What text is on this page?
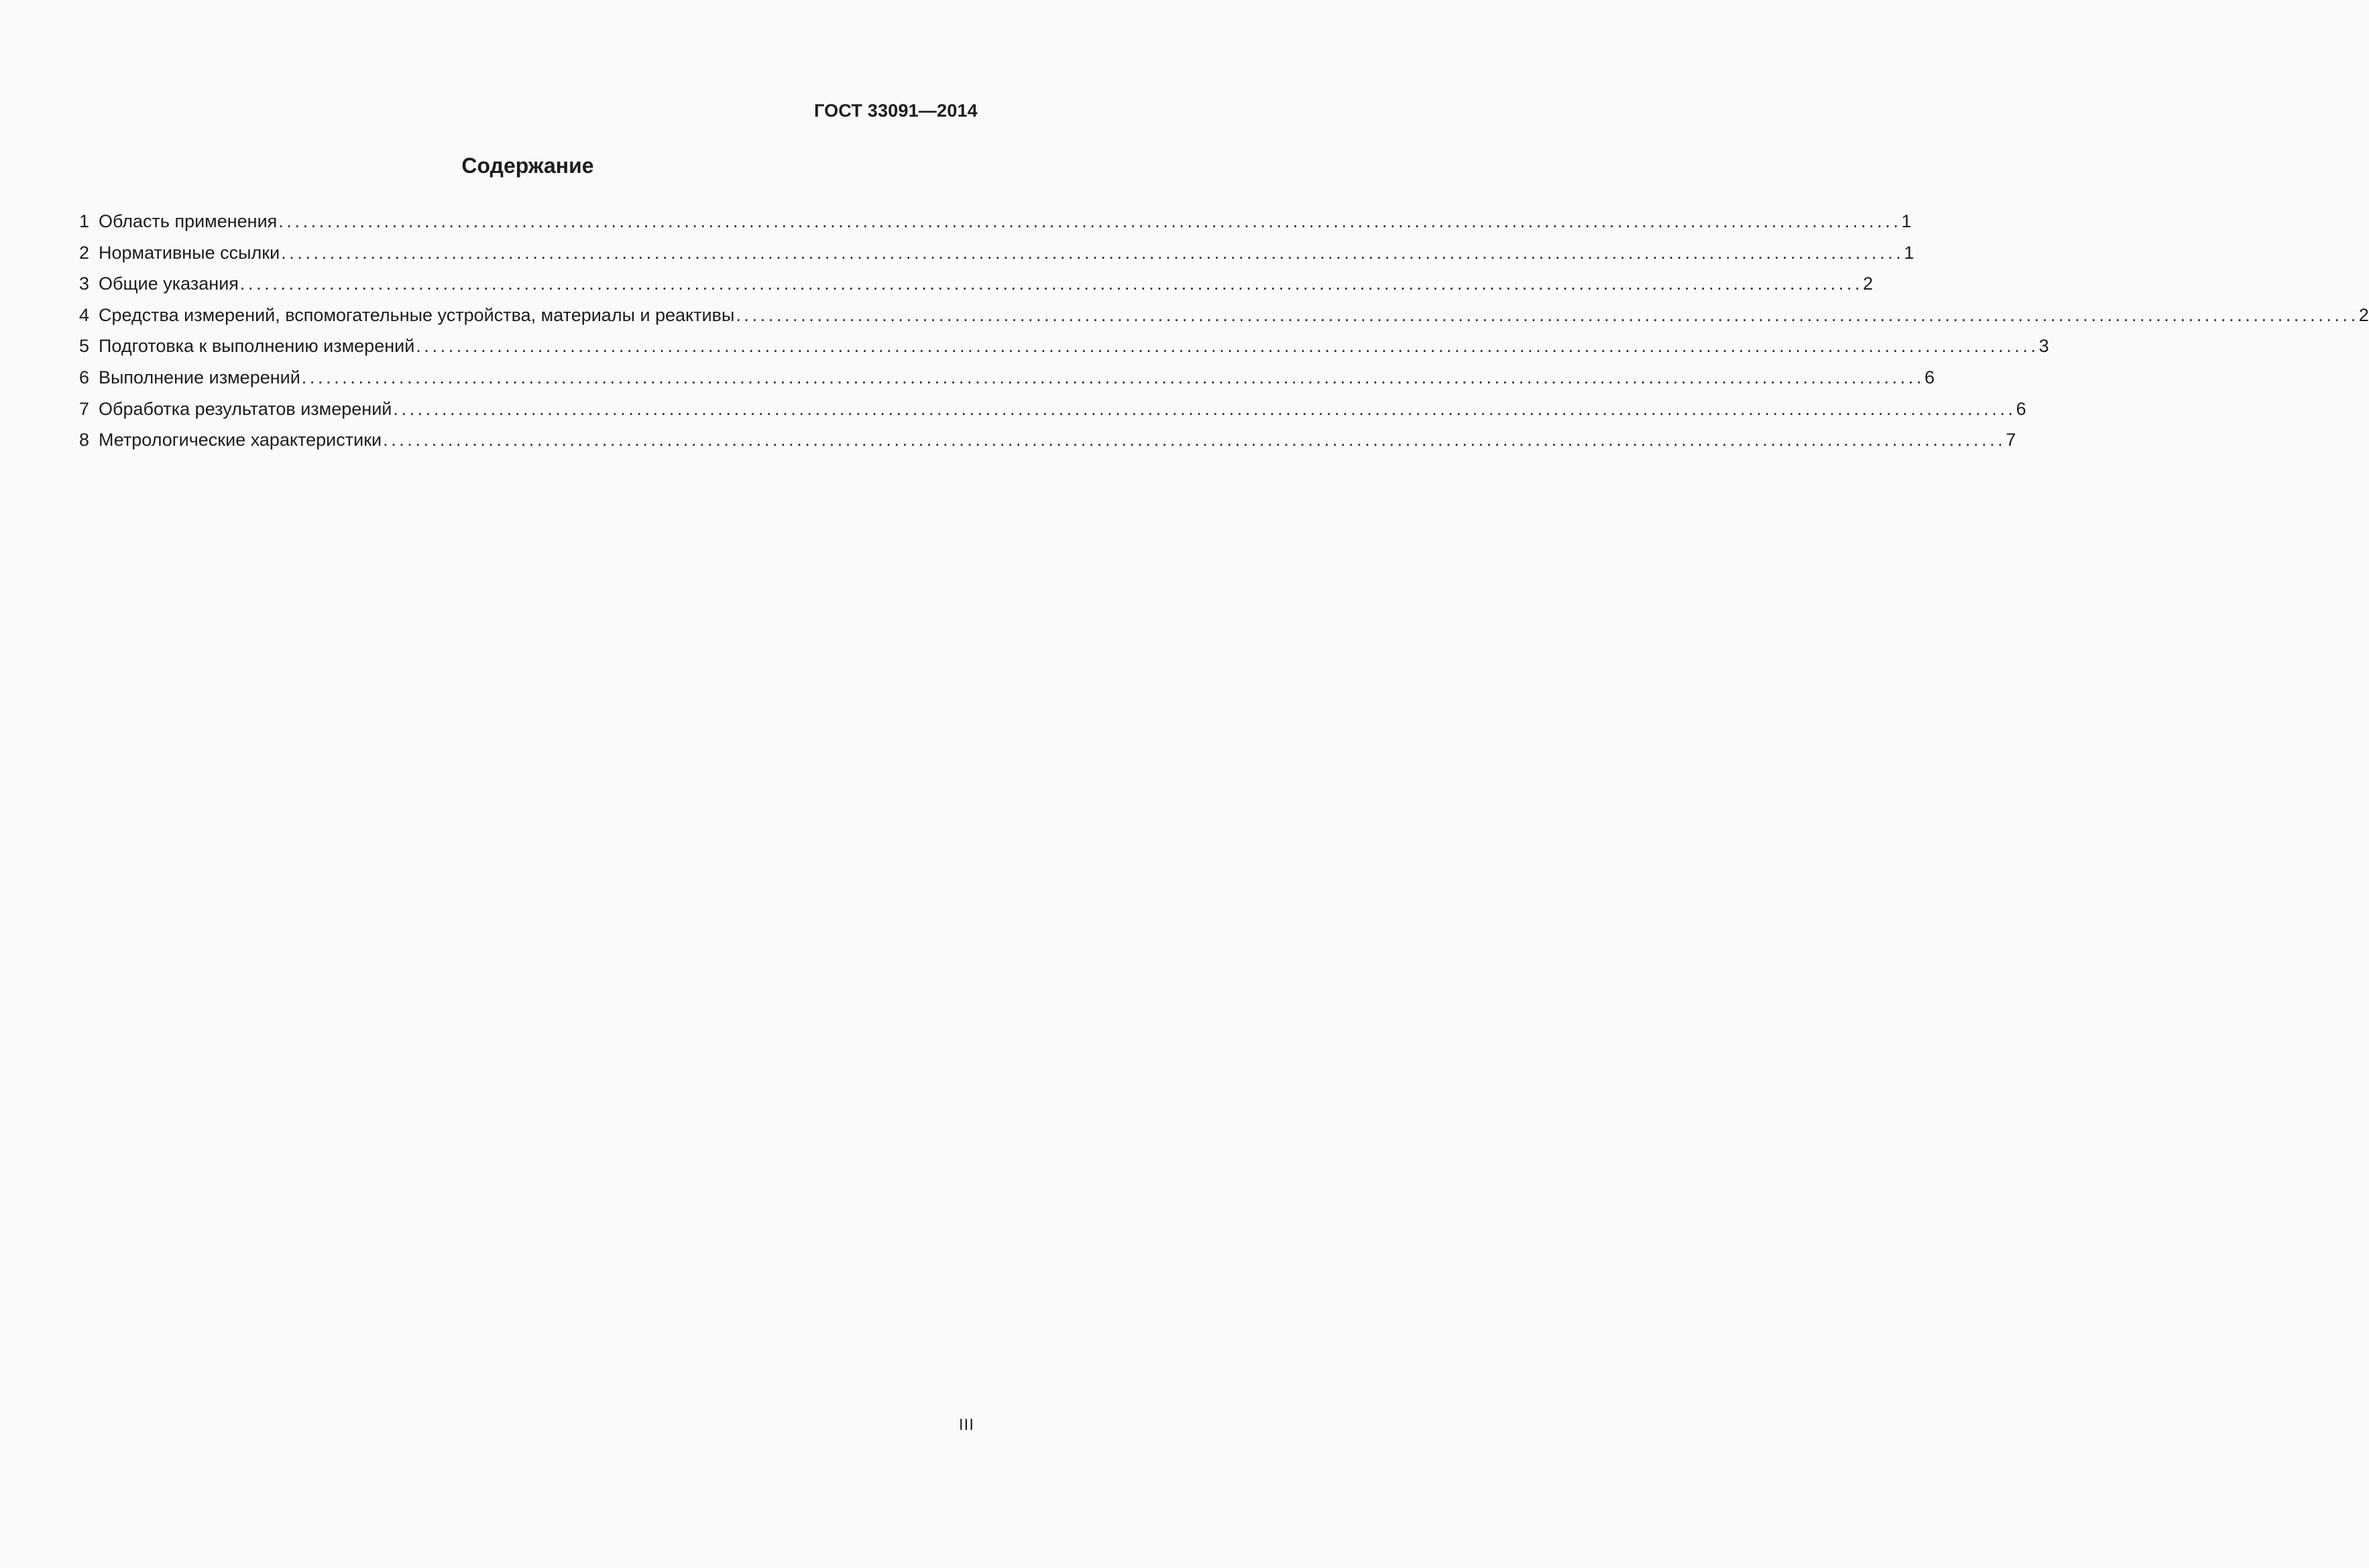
ГОСТ 33091—2014
Содержание
1 Область применения ........................................................................................................................................................................................................ 1
2 Нормативные ссылки ........................................................................................................................................................................................................ 1
3 Общие указания ........................................................................................................................................................................................................ 2
4 Средства измерений, вспомогательные устройства, материалы и реактивы ........................................................................................................................................................................................................ 2
5 Подготовка к выполнению измерений ........................................................................................................................................................................................................ 3
6 Выполнение измерений ........................................................................................................................................................................................................ 6
7 Обработка результатов измерений ........................................................................................................................................................................................................ 6
8 Метрологические характеристики ........................................................................................................................................................................................................ 7
III
